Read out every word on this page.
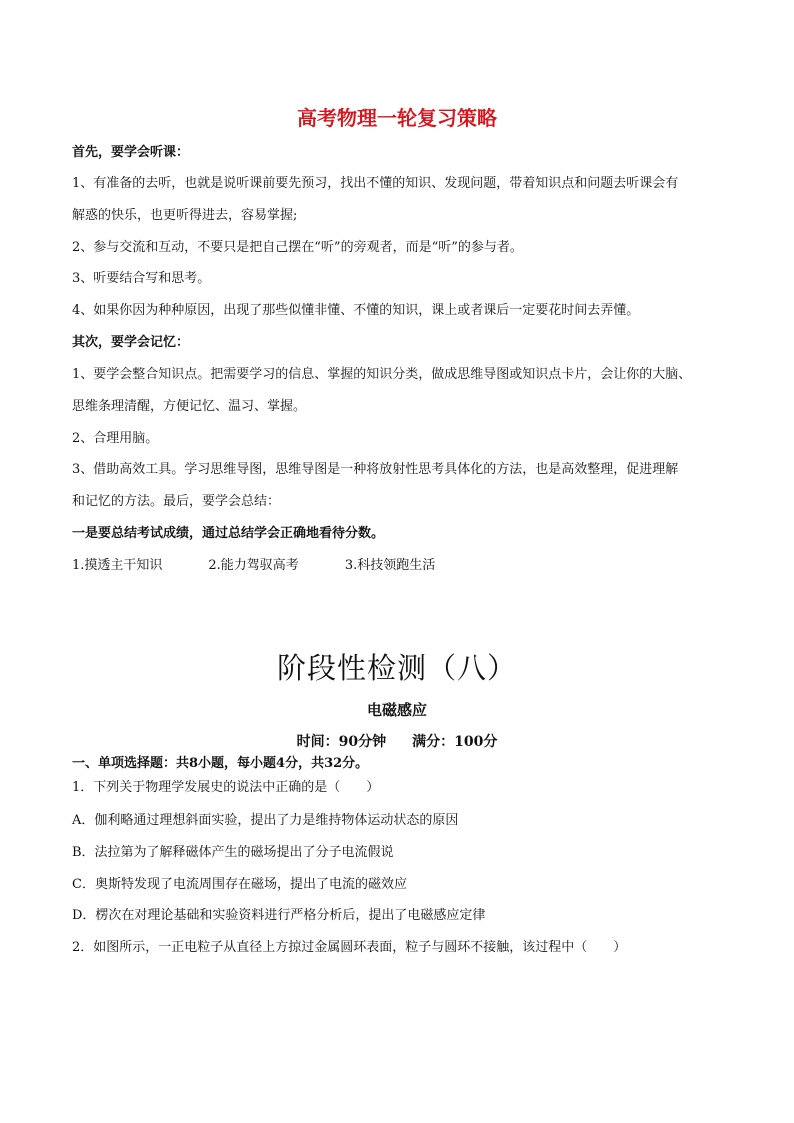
高考物理一轮复习策略
首先，要学会听课：
1、有准备的去听，也就是说听课前要先预习，找出不懂的知识、发现问题，带着知识点和问题去听课会有
解惑的快乐，也更听得进去，容易掌握;
2、参与交流和互动，不要只是把自己摆在“听”的旁观者，而是“听”的参与者。
3、听要结合写和思考。
4、如果你因为种种原因，出现了那些似懂非懂、不懂的知识，课上或者课后一定要花时间去弄懂。
其次，要学会记忆：
1、要学会整合知识点。把需要学习的信息、掌握的知识分类，做成思维导图或知识点卡片，会让你的大脑、
思维条理清醒，方便记忆、温习、掌握。
2、合理用脑。
3、借助高效工具。学习思维导图，思维导图是一种将放射性思考具体化的方法，也是高效整理，促进理解
和记忆的方法。最后，要学会总结：
一是要总结考试成绩，通过总结学会正确地看待分数。
1.摸透主干知识	2.能力驾驭高考	3.科技领跑生活
阶段性检测（八）
电磁感应
时间：90分钟 满分：100分
一、单项选择题：共8小题，每小题4分，共32分。
1．下列关于物理学发展史的说法中正确的是（　　）
A．伽利略通过理想斜面实验，提出了力是维持物体运动状态的原因
B．法拉第为了解释磁体产生的磁场提出了分子电流假说
C．奥斯特发现了电流周围存在磁场，提出了电流的磁效应
D．楞次在对理论基础和实验资料进行严格分析后，提出了电磁感应定律
2．如图所示，一正电粒子从直径上方掠过金属圆环表面，粒子与圆环不接触，该过程中（　　）
